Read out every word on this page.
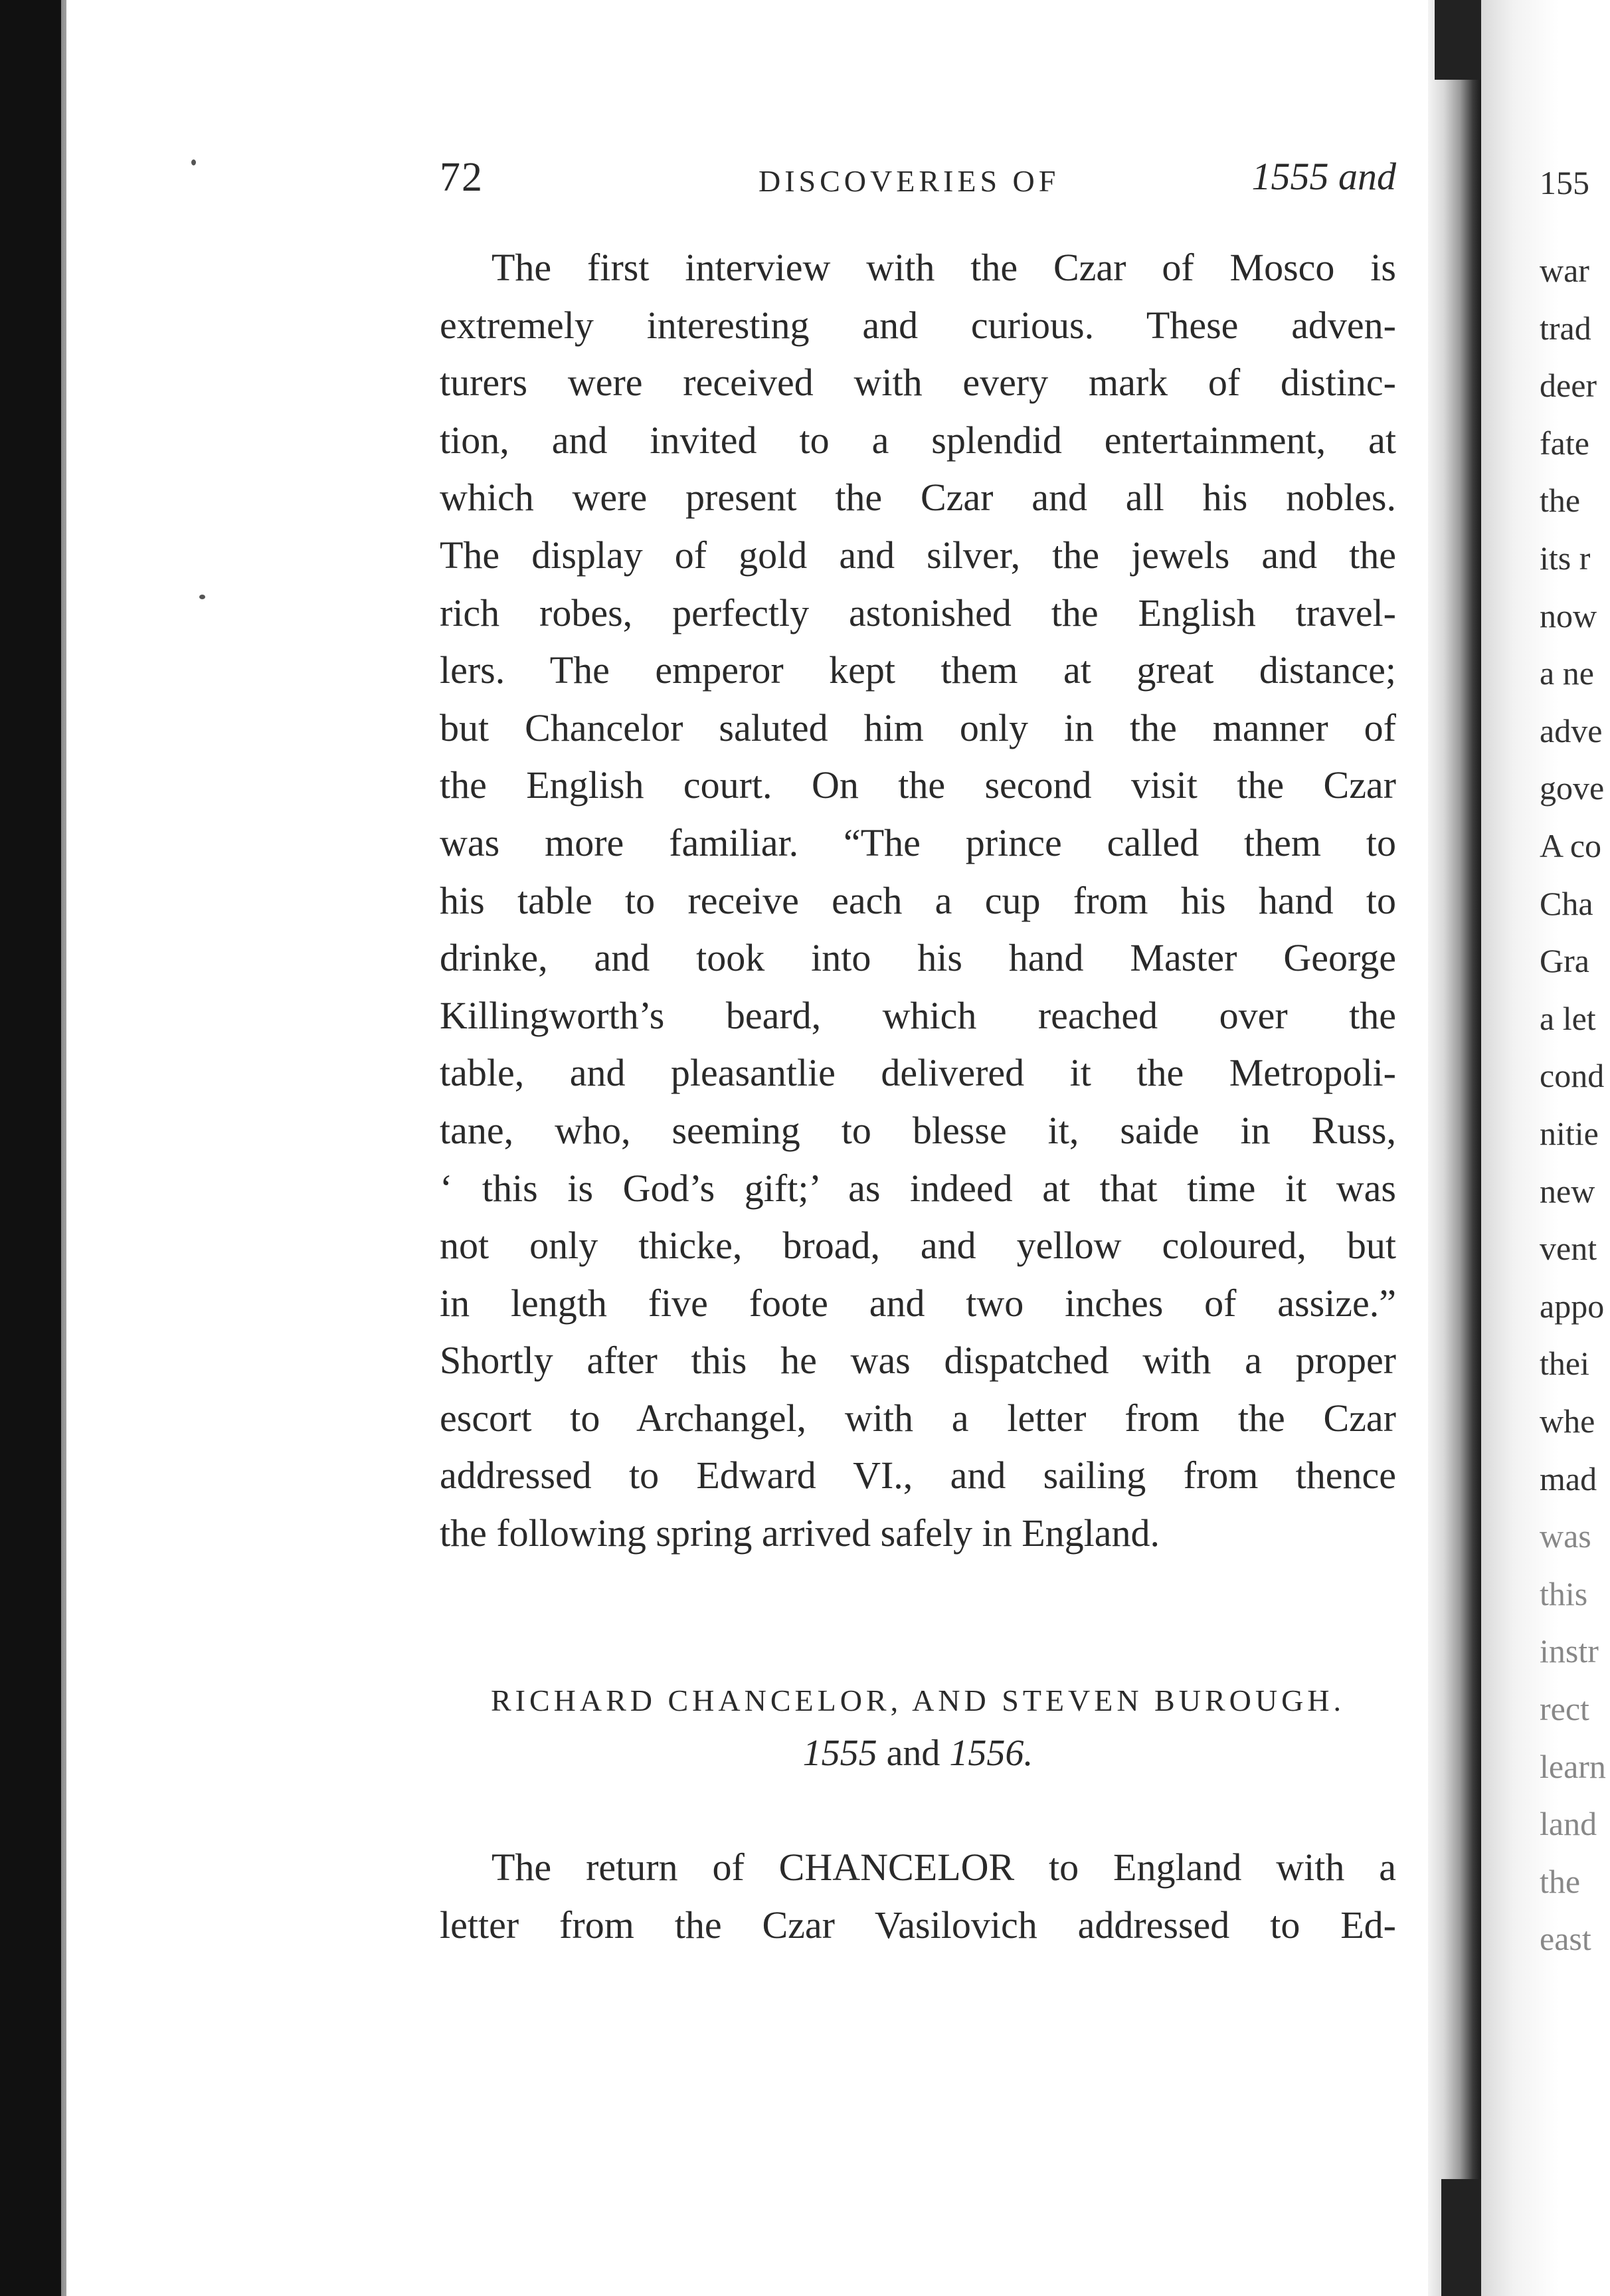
155
war
trad
deer
fate
the
its r
now
a ne
adve
gove
A co
Cha
Gra
a let
cond
nitie
new
vent
appo
thei
whe
mad
was
this
instr
rect
learn
land
the
east
72	DISCOVERIES OF	1555 and
The first interview with the Czar of Mosco is
extremely interesting and curious. These adven-
turers were received with every mark of distinc-
tion, and invited to a splendid entertainment, at
which were present the Czar and all his nobles.
The display of gold and silver, the jewels and the
rich robes, perfectly astonished the English travel-
lers. The emperor kept them at great distance;
but Chancelor saluted him only in the manner of
the English court. On the second visit the Czar
was more familiar. “The prince called them to
his table to receive each a cup from his hand to
drinke, and took into his hand Master George
Killingworth’s beard, which reached over the
table, and pleasantlie delivered it the Metropoli-
tane, who, seeming to blesse it, saide in Russ,
‘ this is God’s gift;’ as indeed at that time it was
not only thicke, broad, and yellow coloured, but
in length five foote and two inches of assize.”
Shortly after this he was dispatched with a proper
escort to Archangel, with a letter from the Czar
addressed to Edward VI., and sailing from thence
the following spring arrived safely in England.
RICHARD CHANCELOR, AND STEVEN BUROUGH.
1555 and 1556.
The return of CHANCELOR to England with a
letter from the Czar Vasilovich addressed to Ed-
